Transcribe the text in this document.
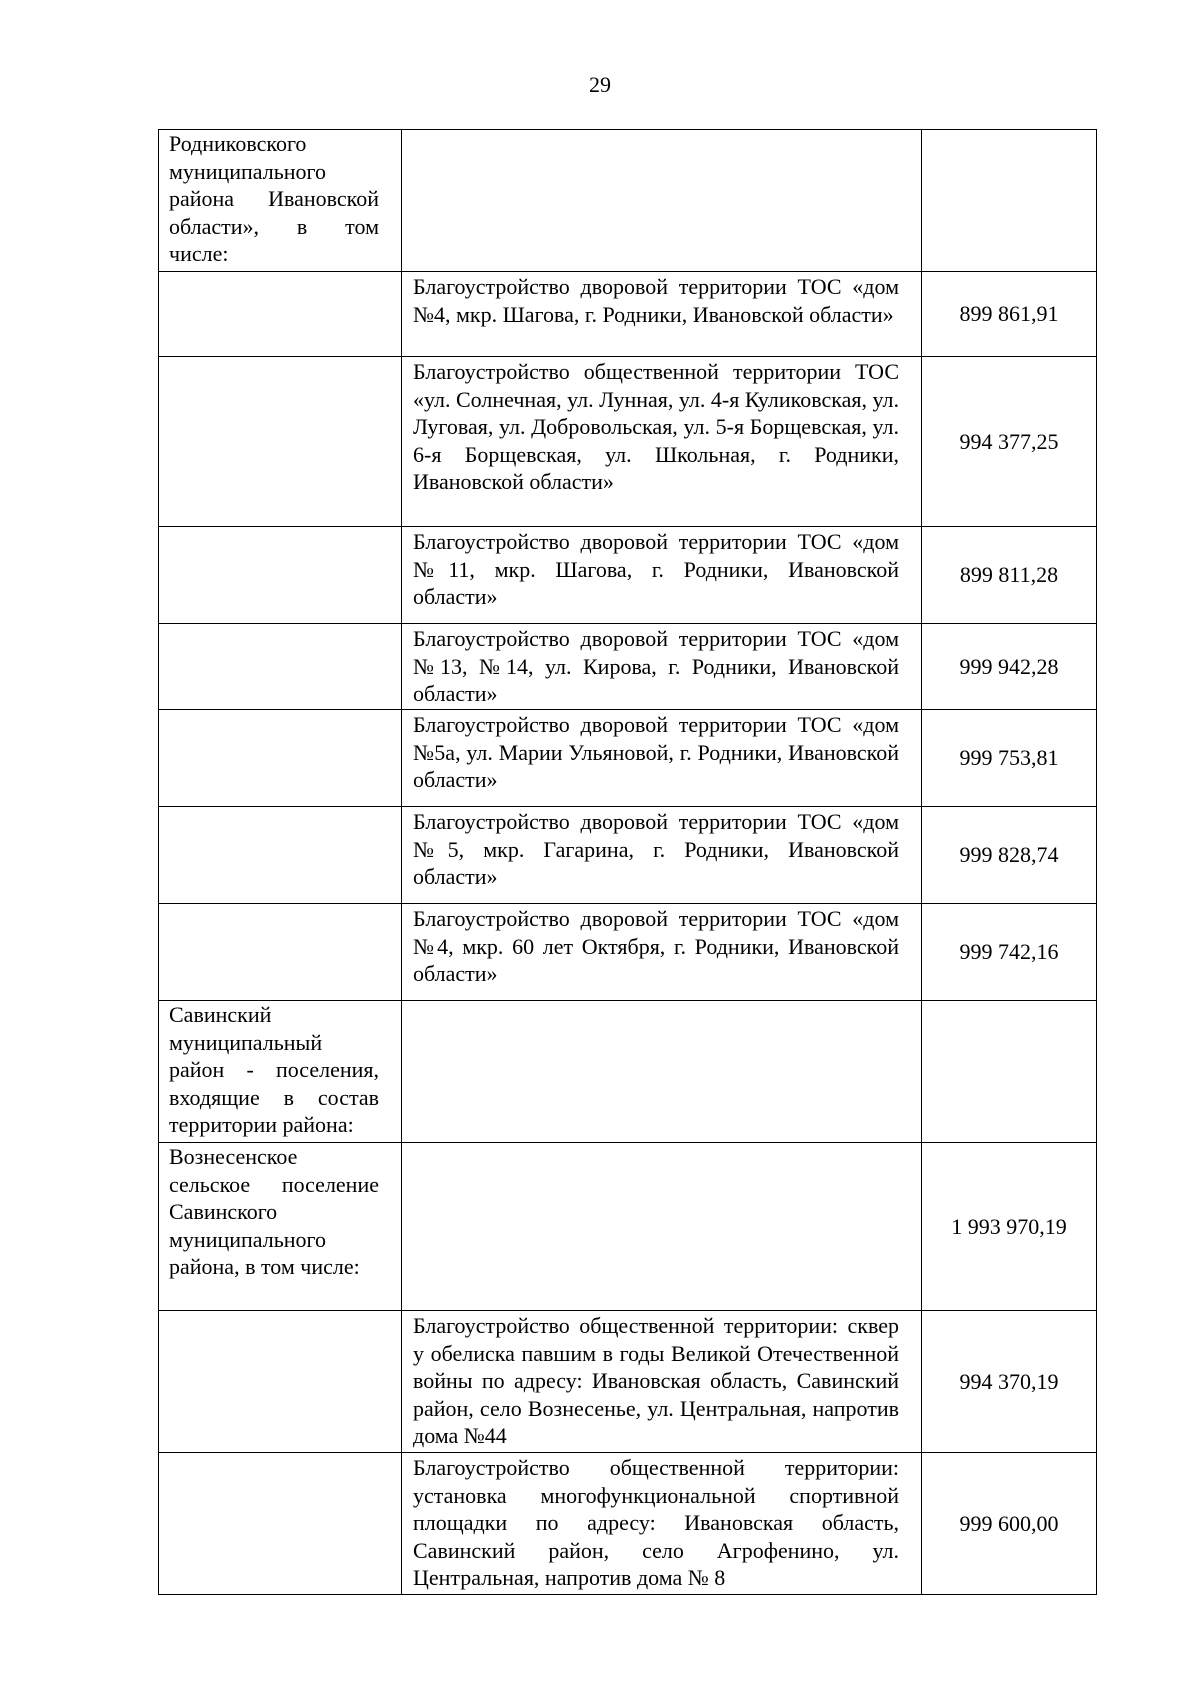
29
Родниковского муниципального района Ивановской области», в том числе:		
	Благоустройство дворовой территории ТОС «дом №4, мкр. Шагова, г. Родники, Ивановской области»	899 861,91
	Благоустройство общественной территории ТОС «ул. Солнечная, ул. Лунная, ул. 4-я Куликовская, ул. Луговая, ул. Добровольская, ул. 5-я Борщевская, ул. 6-я Борщевская, ул. Школьная, г. Родники, Ивановской области»	994 377,25
	Благоустройство дворовой территории ТОС «дом №11, мкр. Шагова, г. Родники, Ивановской области»	899 811,28
	Благоустройство дворовой территории ТОС «дом №13, №14, ул. Кирова, г. Родники, Ивановской области»	999 942,28
	Благоустройство дворовой территории ТОС «дом №5а, ул. Марии Ульяновой, г. Родники, Ивановской области»	999 753,81
	Благоустройство дворовой территории ТОС «дом №5, мкр. Гагарина, г. Родники, Ивановской области»	999 828,74
	Благоустройство дворовой территории ТОС «дом №4, мкр. 60 лет Октября, г. Родники, Ивановской области»	999 742,16
Савинский муниципальный район - поселения, входящие в состав территории района:		
Вознесенское сельское поселение Савинского муниципального района, в том числе:		1 993 970,19
	Благоустройство общественной территории: сквер у обелиска павшим в годы Великой Отечественной войны по адресу: Ивановская область, Савинский район, село Вознесенье, ул. Центральная, напротив дома №44	994 370,19
	Благоустройство общественной территории: установка многофункциональной спортивной площадки по адресу: Ивановская область, Савинский район, село Агрофенино, ул. Центральная, напротив дома № 8	999 600,00
